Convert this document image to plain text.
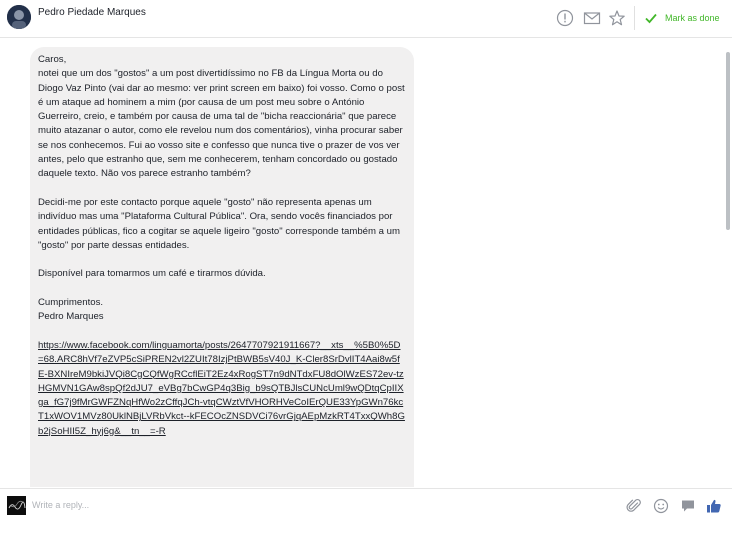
Pedro Piedade Marques	Mark as done

Caros,
notei que um dos "gostos" a um post divertidíssimo no FB da Língua Morta ou do Diogo Vaz Pinto (vai dar ao mesmo: ver print screen em baixo) foi vosso. Como o post é um ataque ad hominem a mim (por causa de um post meu sobre o António Guerreiro, creio, e também por causa de uma tal de "bicha reaccionária" que parece muito atazanar o autor, como ele revelou num dos comentários), vinha procurar saber se nos conhecemos. Fui ao vosso site e confesso que nunca tive o prazer de vos ver antes, pelo que estranho que, sem me conhecerem, tenham concordado ou gostado daquele texto. Não vos parece estranho também?

Decidi-me por este contacto porque aquele "gosto" não representa apenas um indivíduo mas uma "Plataforma Cultural Pública". Ora, sendo vocês financiados por entidades públicas, fico a cogitar se aquele ligeiro "gosto" corresponde também a um "gosto" por parte dessas entidades.

Disponível para tomarmos um café e tirarmos dúvida.

Cumprimentos.
Pedro Marques

https://www.facebook.com/linguamorta/posts/2647707921911667?__xts__%5B0%5D=68.ARC8hVf7eZVP5cSiPREN2vl2ZUIt78IzjPtBWB5sV40J_K-Cler8SrDvlIT4Aai8w5fE-BXNIreM9bkiJVQi8CgCQfWgRCcflEiT2Ez4xRogST7n9dNTdxFU8dOlWzES72ev-tzHGMVN1GAw8spQf2dJU7_eVBg7bCwGP4q3Big_b9sQTBJlsCUNcUml9wQDtqCpIIXga_fG7j9fMrGWFZNqHfWo2zCffqJCh-vtqCWztVfVHORHVeCoIErQUE33YpGWn76kcT1xWOV1MVz80UklNBjLVRbVkct--kFECOcZNSDVCi76vrGjqAEpMzkRT4TxxQWh8Gb2jSoHII5Z_hyj6g&__tn__=-R
Write a reply...
